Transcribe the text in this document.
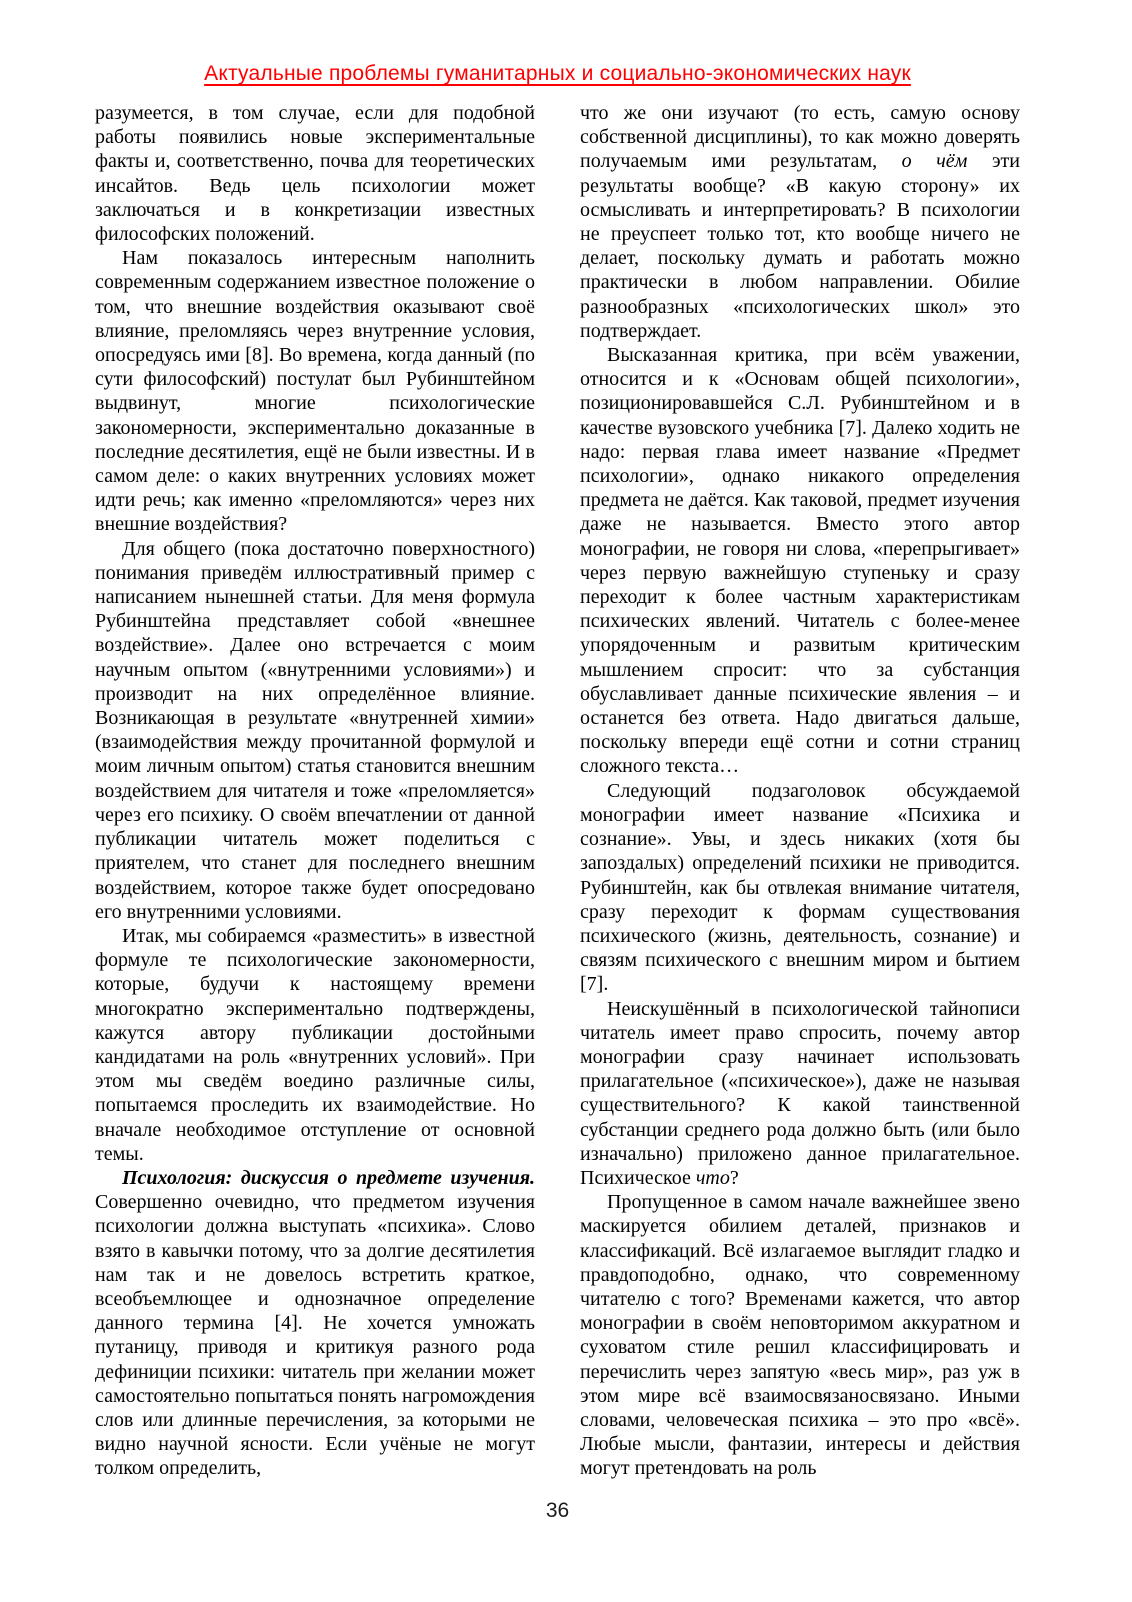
Актуальные проблемы гуманитарных и социально-экономических наук

разумеется, в том случае, если для подобной работы появились новые экспериментальные факты и, соответственно, почва для теоретических инсайтов. Ведь цель психологии может заключаться и в конкретизации известных философских положений.

Нам показалось интересным наполнить современным содержанием известное положение о том, что внешние воздействия оказывают своё влияние, преломляясь через внутренние условия, опосредуясь ими [8]. Во времена, когда данный (по сути философский) постулат был Рубинштейном выдвинут, многие психологические закономерности, экспериментально доказанные в последние десятилетия, ещё не были известны. И в самом деле: о каких внутренних условиях может идти речь; как именно «преломляются» через них внешние воздействия?

Для общего (пока достаточно поверхностного) понимания приведём иллюстративный пример с написанием нынешней статьи. Для меня формула Рубинштейна представляет собой «внешнее воздействие». Далее оно встречается с моим научным опытом («внутренними условиями») и производит на них определённое влияние. Возникающая в результате «внутренней химии» (взаимодействия между прочитанной формулой и моим личным опытом) статья становится внешним воздействием для читателя и тоже «преломляется» через его психику. О своём впечатлении от данной публикации читатель может поделиться с приятелем, что станет для последнего внешним воздействием, которое также будет опосредовано его внутренними условиями.

Итак, мы собираемся «разместить» в известной формуле те психологические закономерности, которые, будучи к настоящему времени многократно экспериментально подтверждены, кажутся автору публикации достойными кандидатами на роль «внутренних условий». При этом мы сведём воедино различные силы, попытаемся проследить их взаимодействие. Но вначале необходимое отступление от основной темы.

Психология: дискуссия о предмете изучения. Совершенно очевидно, что предметом изучения психологии должна выступать «психика». Слово взято в кавычки потому, что за долгие десятилетия нам так и не довелось встретить краткое, всеобъемлющее и однозначное определение данного термина [4]. Не хочется умножать путаницу, приводя и критикуя разного рода дефиниции психики: читатель при желании может самостоятельно попытаться понять нагромождения слов или длинные перечисления, за которыми не видно научной ясности. Если учёные не могут толком определить,

что же они изучают (то есть, самую основу собственной дисциплины), то как можно доверять получаемым ими результатам, о чём эти результаты вообще? «В какую сторону» их осмысливать и интерпретировать? В психологии не преуспеет только тот, кто вообще ничего не делает, поскольку думать и работать можно практически в любом направлении. Обилие разнообразных «психологических школ» это подтверждает.

Высказанная критика, при всём уважении, относится и к «Основам общей психологии», позиционировавшейся С.Л. Рубинштейном и в качестве вузовского учебника [7]. Далеко ходить не надо: первая глава имеет название «Предмет психологии», однако никакого определения предмета не даётся. Как таковой, предмет изучения даже не называется. Вместо этого автор монографии, не говоря ни слова, «перепрыгивает» через первую важнейшую ступеньку и сразу переходит к более частным характеристикам психических явлений. Читатель с более-менее упорядоченным и развитым критическим мышлением спросит: что за субстанция обуславливает данные психические явления – и останется без ответа. Надо двигаться дальше, поскольку впереди ещё сотни и сотни страниц сложного текста…

Следующий подзаголовок обсуждаемой монографии имеет название «Психика и сознание». Увы, и здесь никаких (хотя бы запоздалых) определений психики не приводится. Рубинштейн, как бы отвлекая внимание читателя, сразу переходит к формам существования психического (жизнь, деятельность, сознание) и связям психического с внешним миром и бытием [7].

Неискушённый в психологической тайнописи читатель имеет право спросить, почему автор монографии сразу начинает использовать прилагательное («психическое»), даже не называя существительного? К какой таинственной субстанции среднего рода должно быть (или было изначально) приложено данное прилагательное. Психическое что?

Пропущенное в самом начале важнейшее звено маскируется обилием деталей, признаков и классификаций. Всё излагаемое выглядит гладко и правдоподобно, однако, что современному читателю с того? Временами кажется, что автор монографии в своём неповторимом аккуратном и суховатом стиле решил классифицировать и перечислить через запятую «весь мир», раз уж в этом мире всё взаимосвязаносвязано. Иными словами, человеческая психика – это про «всё». Любые мысли, фантазии, интересы и действия могут претендовать на роль

36
